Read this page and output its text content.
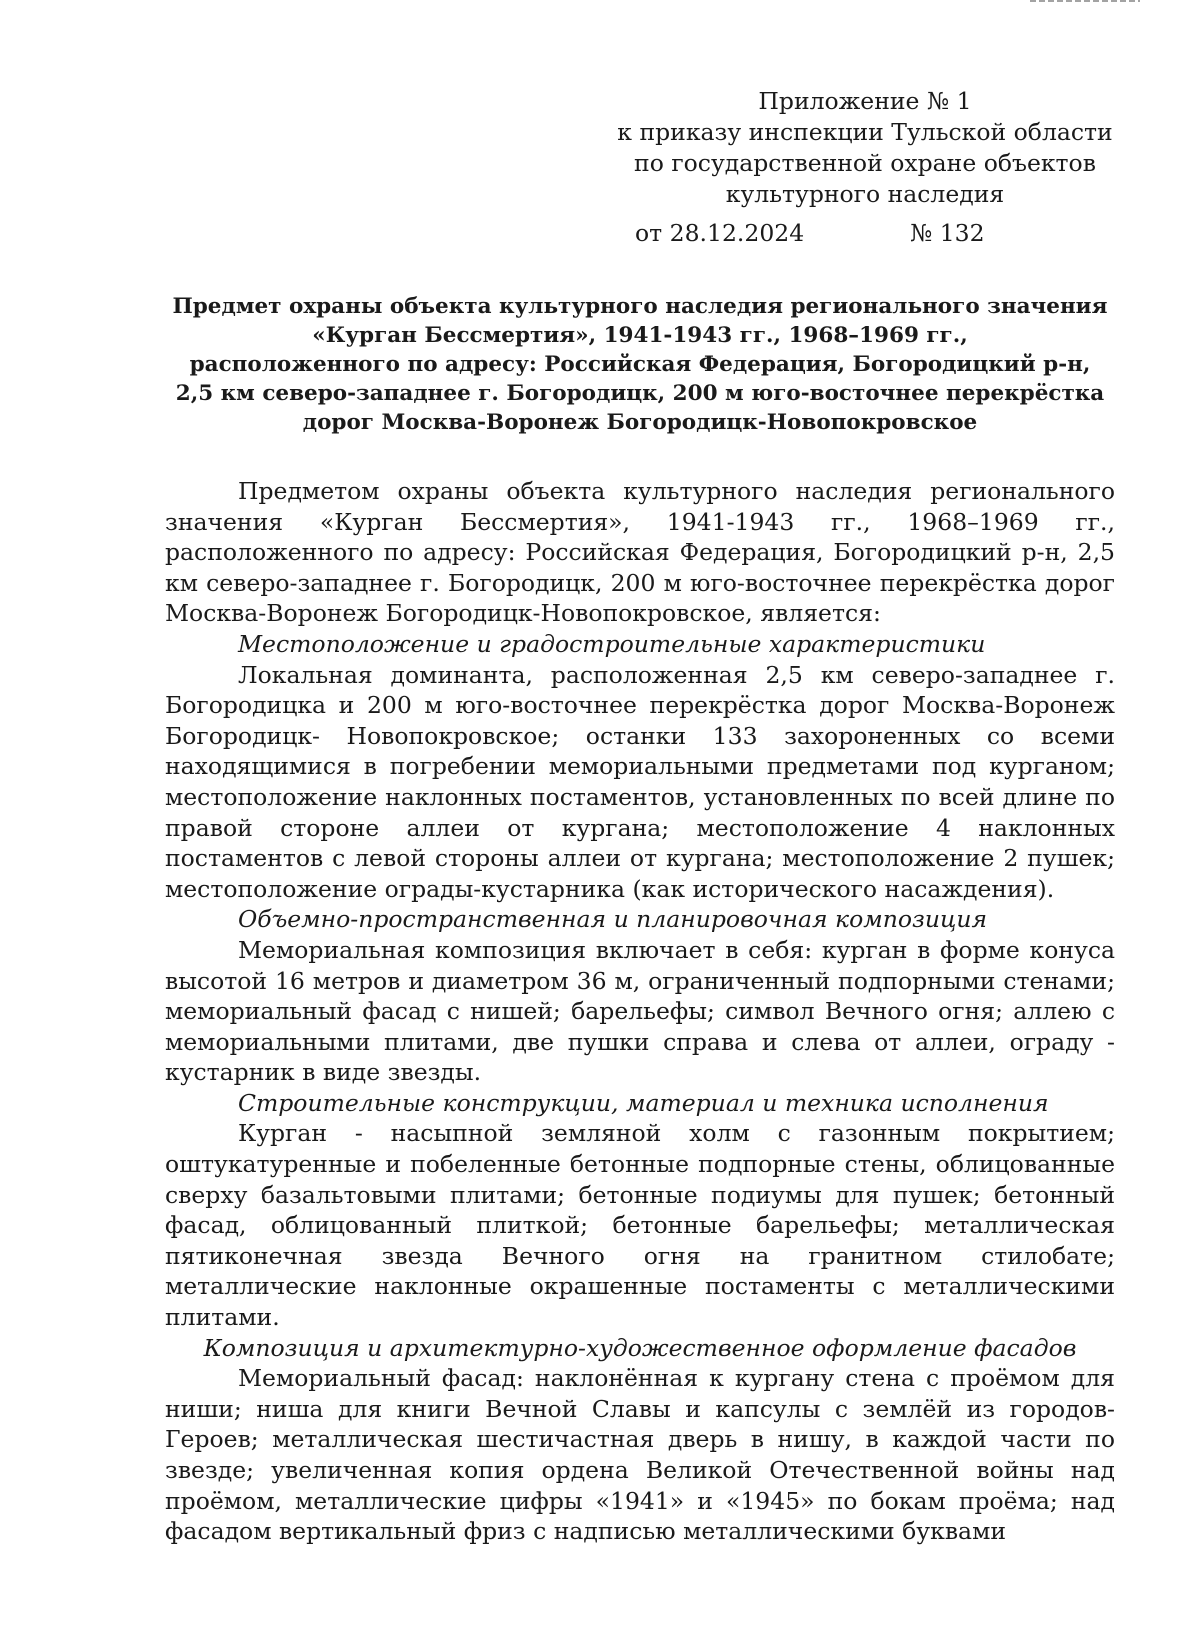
Приложение № 1
к приказу инспекции Тульской области
по государственной охране объектов
культурного наследия
от 28.12.2024	№ 132
Предмет охраны объекта культурного наследия регионального значения
«Курган Бессмертия», 1941-1943 гг., 1968–1969 гг.,
расположенного по адресу: Российская Федерация, Богородицкий р-н,
2,5 км северо-западнее г. Богородицк, 200 м юго-восточнее перекрёстка
дорог Москва-Воронеж Богородицк-Новопокровское

Предметом охраны объекта культурного наследия регионального значения «Курган Бессмертия», 1941-1943 гг., 1968–1969 гг., расположенного по адресу: Российская Федерация, Богородицкий р-н, 2,5 км северо-западнее г. Богородицк, 200 м юго-восточнее перекрёстка дорог Москва-Воронеж Богородицк-Новопокровское, является:

Местоположение и градостроительные характеристики

Локальная доминанта, расположенная 2,5 км северо-западнее г. Богородицка и 200 м юго-восточнее перекрёстка дорог Москва-Воронеж Богородицк- Новопокровское; останки 133 захороненных со всеми находящимися в погребении мемориальными предметами под курганом; местоположение наклонных постаментов, установленных по всей длине по правой стороне аллеи от кургана; местоположение 4 наклонных постаментов с левой стороны аллеи от кургана; местоположение 2 пушек; местоположение ограды-кустарника (как исторического насаждения).

Объемно-пространственная и планировочная композиция

Мемориальная композиция включает в себя: курган в форме конуса высотой 16 метров и диаметром 36 м, ограниченный подпорными стенами; мемориальный фасад с нишей; барельефы; символ Вечного огня; аллею с мемориальными плитами, две пушки справа и слева от аллеи, ограду - кустарник в виде звезды.

Строительные конструкции, материал и техника исполнения

Курган - насыпной земляной холм с газонным покрытием; оштукатуренные и побеленные бетонные подпорные стены, облицованные сверху базальтовыми плитами; бетонные подиумы для пушек; бетонный фасад, облицованный плиткой; бетонные барельефы; металлическая пятиконечная звезда Вечного огня на гранитном стилобате; металлические наклонные окрашенные постаменты с металлическими плитами.

Композиция и архитектурно-художественное оформление фасадов

Мемориальный фасад: наклонённая к кургану стена с проёмом для ниши; ниша для книги Вечной Славы и капсулы с землёй из городов-Героев; металлическая шестичастная дверь в нишу, в каждой части по звезде; увеличенная копия ордена Великой Отечественной войны над проёмом, металлические цифры «1941» и «1945» по бокам проёма; над фасадом вертикальный фриз с надписью металлическими буквами
